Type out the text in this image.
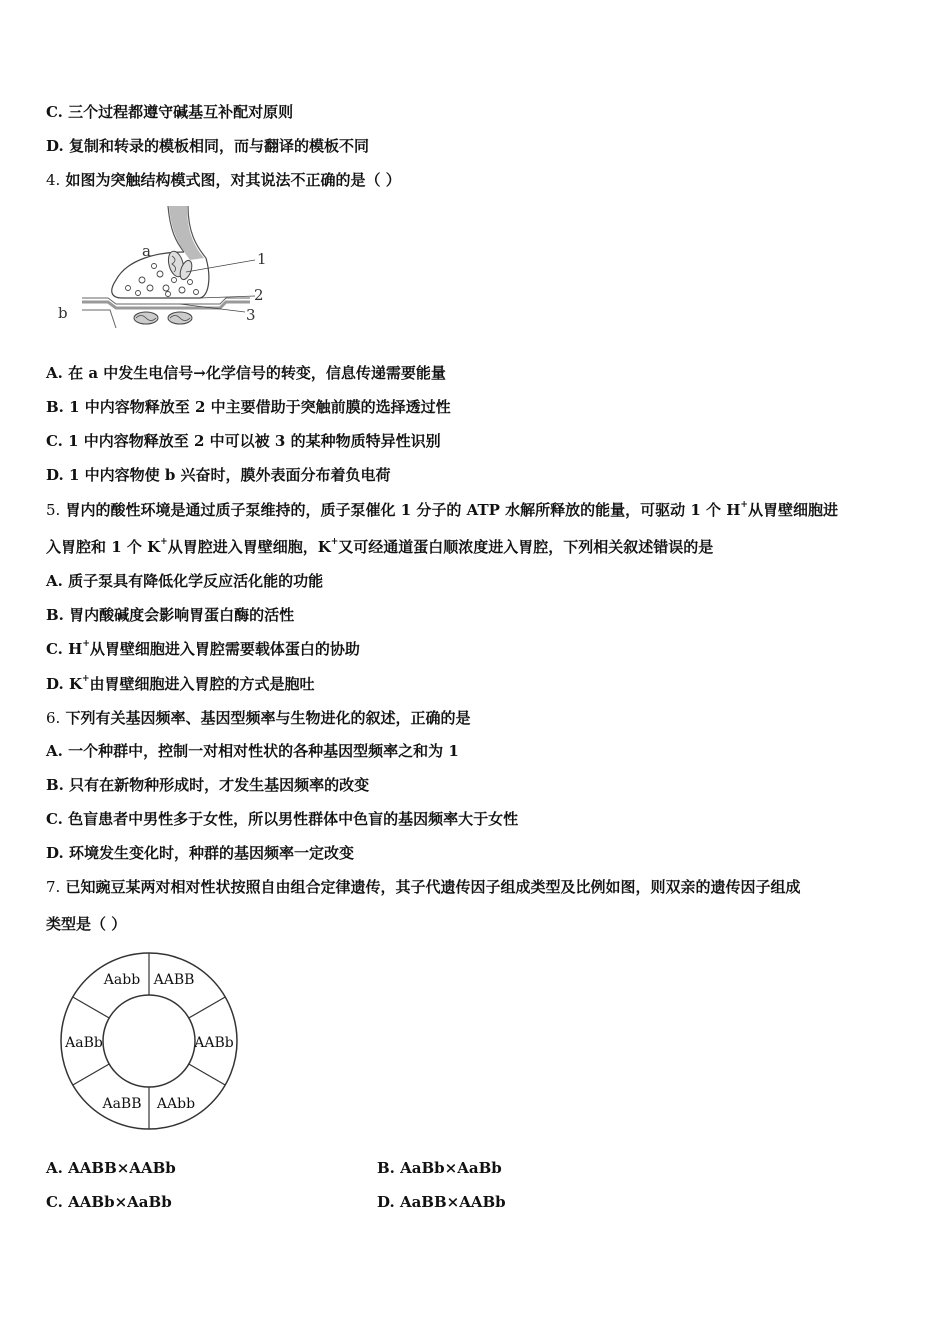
C. 三个过程都遵守碱基互补配对原则
D. 复制和转录的模板相同，而与翻译的模板不同
4. 如图为突触结构模式图，对其说法不正确的是（ ）
a
b
1
2
3
A. 在 a 中发生电信号→化学信号的转变，信息传递需要能量
B. 1 中内容物释放至 2 中主要借助于突触前膜的选择透过性
C. 1 中内容物释放至 2 中可以被 3 的某种物质特异性识别
D. 1 中内容物使 b 兴奋时，膜外表面分布着负电荷
5. 胃内的酸性环境是通过质子泵维持的，质子泵催化 1 分子的 ATP 水解所释放的能量，可驱动 1 个 H+从胃壁细胞进
入胃腔和 1 个 K+从胃腔进入胃壁细胞，K+又可经通道蛋白顺浓度进入胃腔，下列相关叙述错误的是
A. 质子泵具有降低化学反应活化能的功能
B. 胃内酸碱度会影响胃蛋白酶的活性
C. H+从胃壁细胞进入胃腔需要载体蛋白的协助
D. K+由胃壁细胞进入胃腔的方式是胞吐
6. 下列有关基因频率、基因型频率与生物进化的叙述，正确的是
A. 一个种群中，控制一对相对性状的各种基因型频率之和为 1
B. 只有在新物种形成时，才发生基因频率的改变
C. 色盲患者中男性多于女性，所以男性群体中色盲的基因频率大于女性
D. 环境发生变化时，种群的基因频率一定改变
7. 已知豌豆某两对相对性状按照自由组合定律遗传，其子代遗传因子组成类型及比例如图，则双亲的遗传因子组成
类型是（ ）
Aabb AABB
AABb
AAbb
AaBB
AaBb
A. AABB×AABb	B. AaBb×AaBb
C. AABb×AaBb	D. AaBB×AABb
